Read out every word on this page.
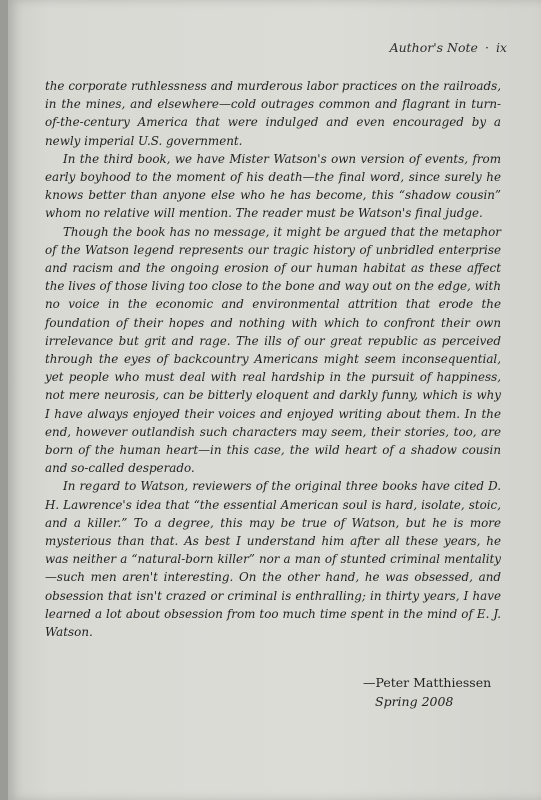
Author's Note · ix

the corporate ruthlessness and murderous labor practices on the railroads, in the mines, and elsewhere—cold outrages common and flagrant in turn-of-the-century America that were indulged and even encouraged by a newly imperial U.S. government.

In the third book, we have Mister Watson's own version of events, from early boyhood to the moment of his death—the final word, since surely he knows better than anyone else who he has become, this “shadow cousin” whom no relative will mention. The reader must be Watson's final judge.

Though the book has no message, it might be argued that the metaphor of the Watson legend represents our tragic history of unbridled enterprise and racism and the ongoing erosion of our human habitat as these affect the lives of those living too close to the bone and way out on the edge, with no voice in the economic and environmental attrition that erode the foundation of their hopes and nothing with which to confront their own irrelevance but grit and rage. The ills of our great republic as perceived through the eyes of backcountry Americans might seem inconsequential, yet people who must deal with real hardship in the pursuit of happiness, not mere neurosis, can be bitterly eloquent and darkly funny, which is why I have always enjoyed their voices and enjoyed writing about them. In the end, however outlandish such characters may seem, their stories, too, are born of the human heart—in this case, the wild heart of a shadow cousin and so-called desperado.

In regard to Watson, reviewers of the original three books have cited D. H. Lawrence's idea that “the essential American soul is hard, isolate, stoic, and a killer.” To a degree, this may be true of Watson, but he is more mysterious than that. As best I understand him after all these years, he was neither a “natural-born killer” nor a man of stunted criminal mentality—such men aren't interesting. On the other hand, he was obsessed, and obsession that isn't crazed or criminal is enthralling; in thirty years, I have learned a lot about obsession from too much time spent in the mind of E. J. Watson.

—Peter Matthiessen
Spring 2008
